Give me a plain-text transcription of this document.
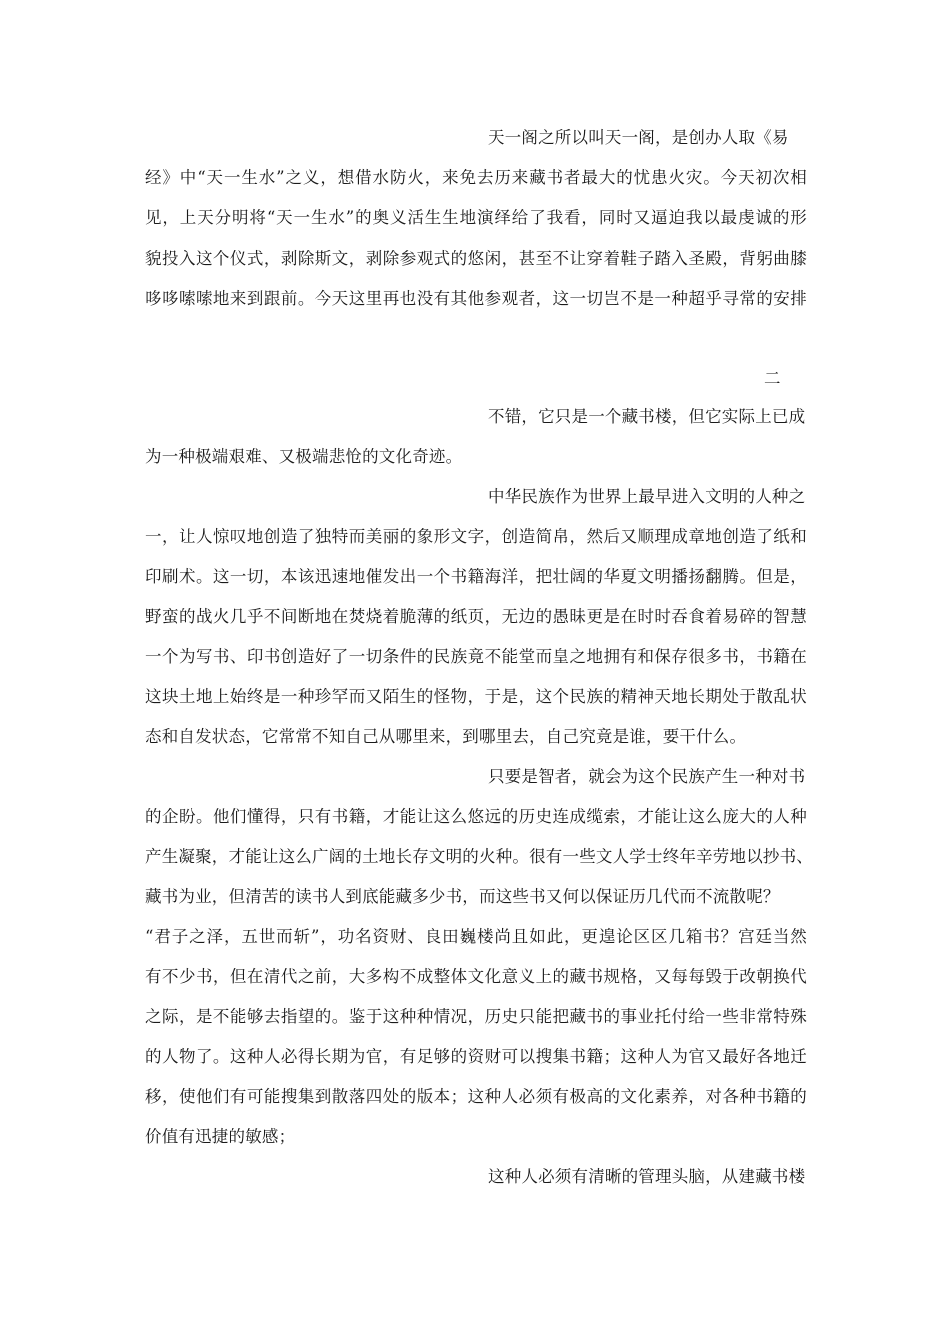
天一阁之所以叫天一阁，是创办人取《易
经》中“天一生水”之义，想借水防火，来免去历来藏书者最大的忧患火灾。今天初次相
见，上天分明将“天一生水”的奥义活生生地演绎给了我看，同时又逼迫我以最虔诚的形
貌投入这个仪式，剥除斯文，剥除参观式的悠闲，甚至不让穿着鞋子踏入圣殿，背躬曲膝
哆哆嗦嗦地来到跟前。今天这里再也没有其他参观者，这一切岂不是一种超乎寻常的安排
二
不错，它只是一个藏书楼，但它实际上已成
为一种极端艰难、又极端悲怆的文化奇迹。
中华民族作为世界上最早进入文明的人种之
一，让人惊叹地创造了独特而美丽的象形文字，创造简帛，然后又顺理成章地创造了纸和
印刷术。这一切，本该迅速地催发出一个书籍海洋，把壮阔的华夏文明播扬翻腾。但是，
野蛮的战火几乎不间断地在焚烧着脆薄的纸页，无边的愚昧更是在时时吞食着易碎的智慧
一个为写书、印书创造好了一切条件的民族竟不能堂而皇之地拥有和保存很多书，书籍在
这块土地上始终是一种珍罕而又陌生的怪物，于是，这个民族的精神天地长期处于散乱状
态和自发状态，它常常不知自己从哪里来，到哪里去，自己究竟是谁，要干什么。
只要是智者，就会为这个民族产生一种对书
的企盼。他们懂得，只有书籍，才能让这么悠远的历史连成缆索，才能让这么庞大的人种
产生凝聚，才能让这么广阔的土地长存文明的火种。很有一些文人学士终年辛劳地以抄书、
藏书为业，但清苦的读书人到底能藏多少书，而这些书又何以保证历几代而不流散呢？
“君子之泽，五世而斩”，功名资财、良田巍楼尚且如此，更遑论区区几箱书？宫廷当然
有不少书，但在清代之前，大多构不成整体文化意义上的藏书规格，又每每毁于改朝换代
之际，是不能够去指望的。鉴于这种种情况，历史只能把藏书的事业托付给一些非常特殊
的人物了。这种人必得长期为官，有足够的资财可以搜集书籍；这种人为官又最好各地迁
移，使他们有可能搜集到散落四处的版本；这种人必须有极高的文化素养，对各种书籍的
价值有迅捷的敏感；
这种人必须有清晰的管理头脑，从建藏书楼
